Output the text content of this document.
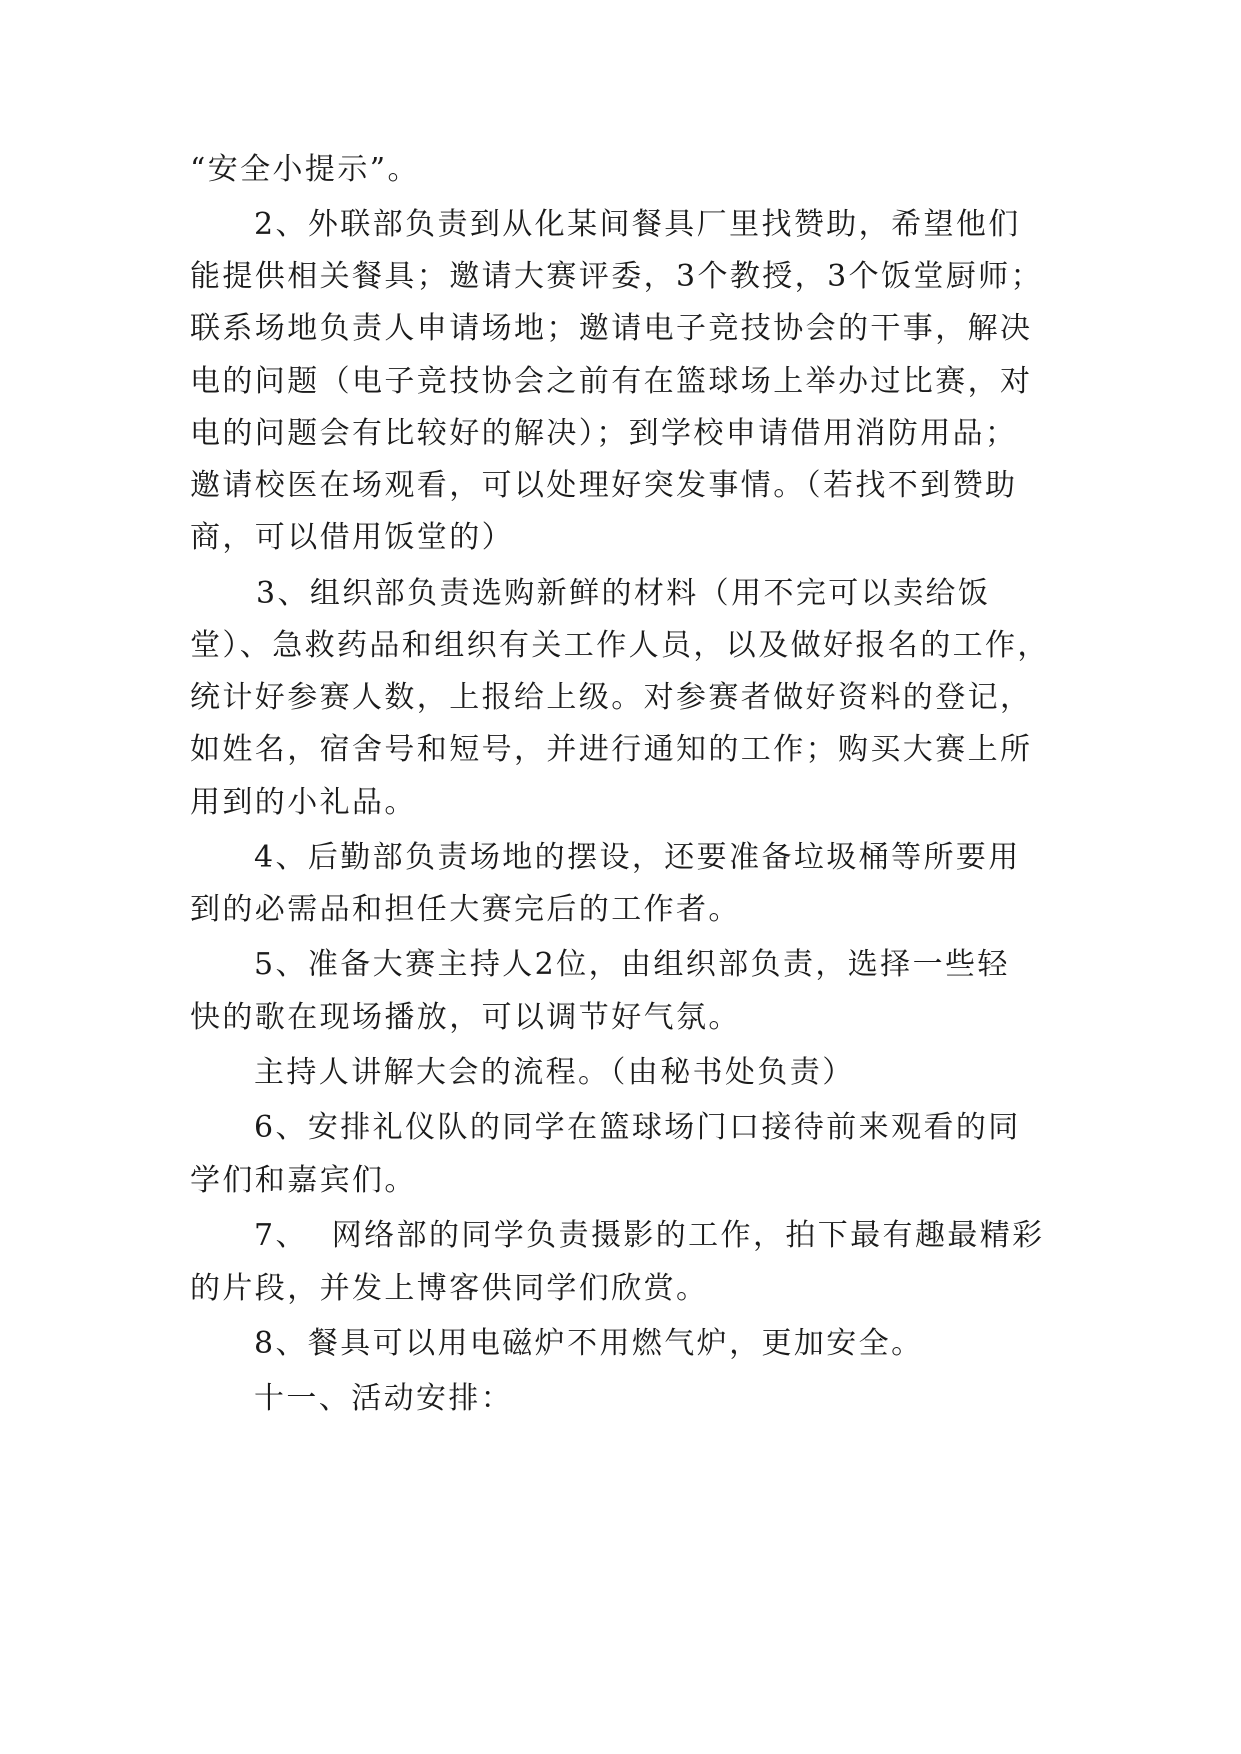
“安全小提示”。

2、外联部负责到从化某间餐具厂里找赞助，希望他们

能提供相关餐具；邀请大赛评委，3个教授，3个饭堂厨师；

联系场地负责人申请场地；邀请电子竞技协会的干事，解决

电的问题（电子竞技协会之前有在篮球场上举办过比赛，对

电的问题会有比较好的解决）；到学校申请借用消防用品；

邀请校医在场观看，可以处理好突发事情。（若找不到赞助

商，可以借用饭堂的）

3、组织部负责选购新鲜的材料（用不完可以卖给饭

堂）、急救药品和组织有关工作人员，以及做好报名的工作，

统计好参赛人数，上报给上级。对参赛者做好资料的登记，

如姓名，宿舍号和短号，并进行通知的工作；购买大赛上所

用到的小礼品。

4、后勤部负责场地的摆设，还要准备垃圾桶等所要用

到的必需品和担任大赛完后的工作者。

5、准备大赛主持人2位，由组织部负责，选择一些轻

快的歌在现场播放，可以调节好气氛。

主持人讲解大会的流程。（由秘书处负责）

6、安排礼仪队的同学在篮球场门口接待前来观看的同

学们和嘉宾们。

7、  网络部的同学负责摄影的工作，拍下最有趣最精彩

的片段，并发上博客供同学们欣赏。

8、餐具可以用电磁炉不用燃气炉，更加安全。

十一、活动安排：
